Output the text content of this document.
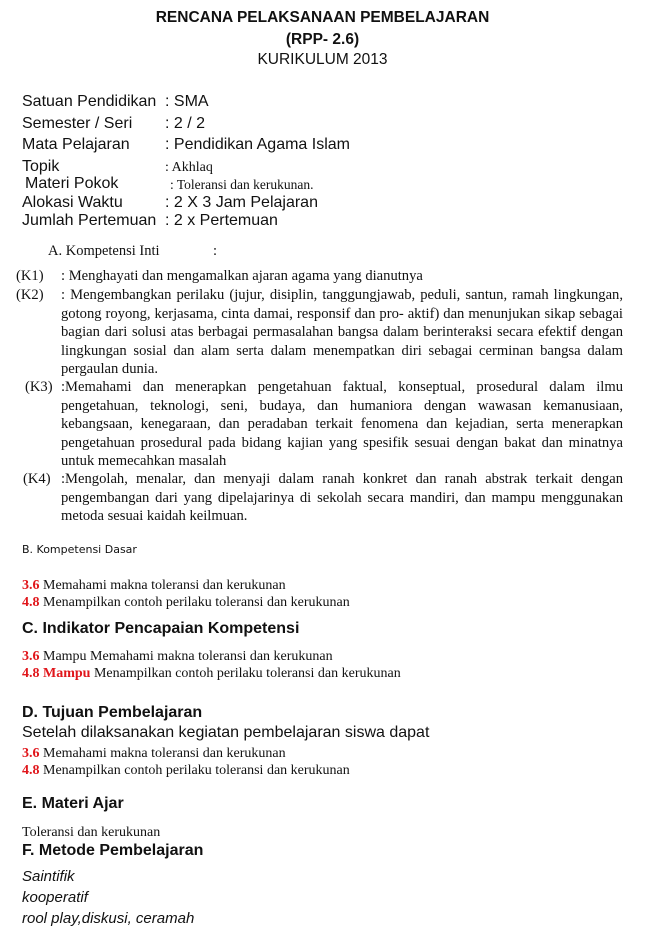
RENCANA PELAKSANAAN PEMBELAJARAN
(RPP- 2.6)
KURIKULUM 2013
Satuan Pendidikan : SMA
Semester / Seri : 2 / 2
Mata Pelajaran : Pendidikan Agama Islam
Topik	: Akhlaq
Materi Pokok	: Toleransi dan kerukunan.
Alokasi Waktu	: 2 X 3 Jam Pelajaran
Jumlah Pertemuan : 2 x Pertemuan
A. Kompetensi Inti	:
(K1) : Menghayati dan mengamalkan ajaran agama yang dianutnya
(K2) : Mengembangkan perilaku (jujur, disiplin, tanggungjawab, peduli, santun, ramah lingkungan, gotong royong, kerjasama, cinta damai, responsif dan pro- aktif) dan menunjukan sikap sebagai bagian dari solusi atas berbagai permasalahan bangsa dalam berinteraksi secara efektif dengan lingkungan sosial dan alam serta dalam menempatkan diri sebagai cerminan bangsa dalam pergaulan dunia.
(K3) :Memahami dan menerapkan pengetahuan faktual, konseptual, prosedural dalam ilmu pengetahuan, teknologi, seni, budaya, dan humaniora dengan wawasan kemanusiaan, kebangsaan, kenegaraan, dan peradaban terkait fenomena dan kejadian, serta menerapkan pengetahuan prosedural pada bidang kajian yang spesifik sesuai dengan bakat dan minatnya untuk memecahkan masalah
(K4) :Mengolah, menalar, dan menyaji dalam ranah konkret dan ranah abstrak terkait dengan pengembangan dari yang dipelajarinya di sekolah secara mandiri, dan mampu menggunakan metoda sesuai kaidah keilmuan.
B. Kompetensi Dasar
3.6 Memahami makna toleransi dan kerukunan
4.8 Menampilkan contoh perilaku toleransi dan kerukunan
C. Indikator Pencapaian Kompetensi
3.6 Mampu Memahami makna toleransi dan kerukunan
4.8 Mampu Menampilkan contoh perilaku toleransi dan kerukunan
D. Tujuan Pembelajaran
Setelah dilaksanakan kegiatan pembelajaran siswa dapat
3.6 Memahami makna toleransi dan kerukunan
4.8 Menampilkan contoh perilaku toleransi dan kerukunan
E. Materi Ajar
Toleransi dan kerukunan
F. Metode Pembelajaran
Saintifik
kooperatif
rool play,diskusi, ceramah
